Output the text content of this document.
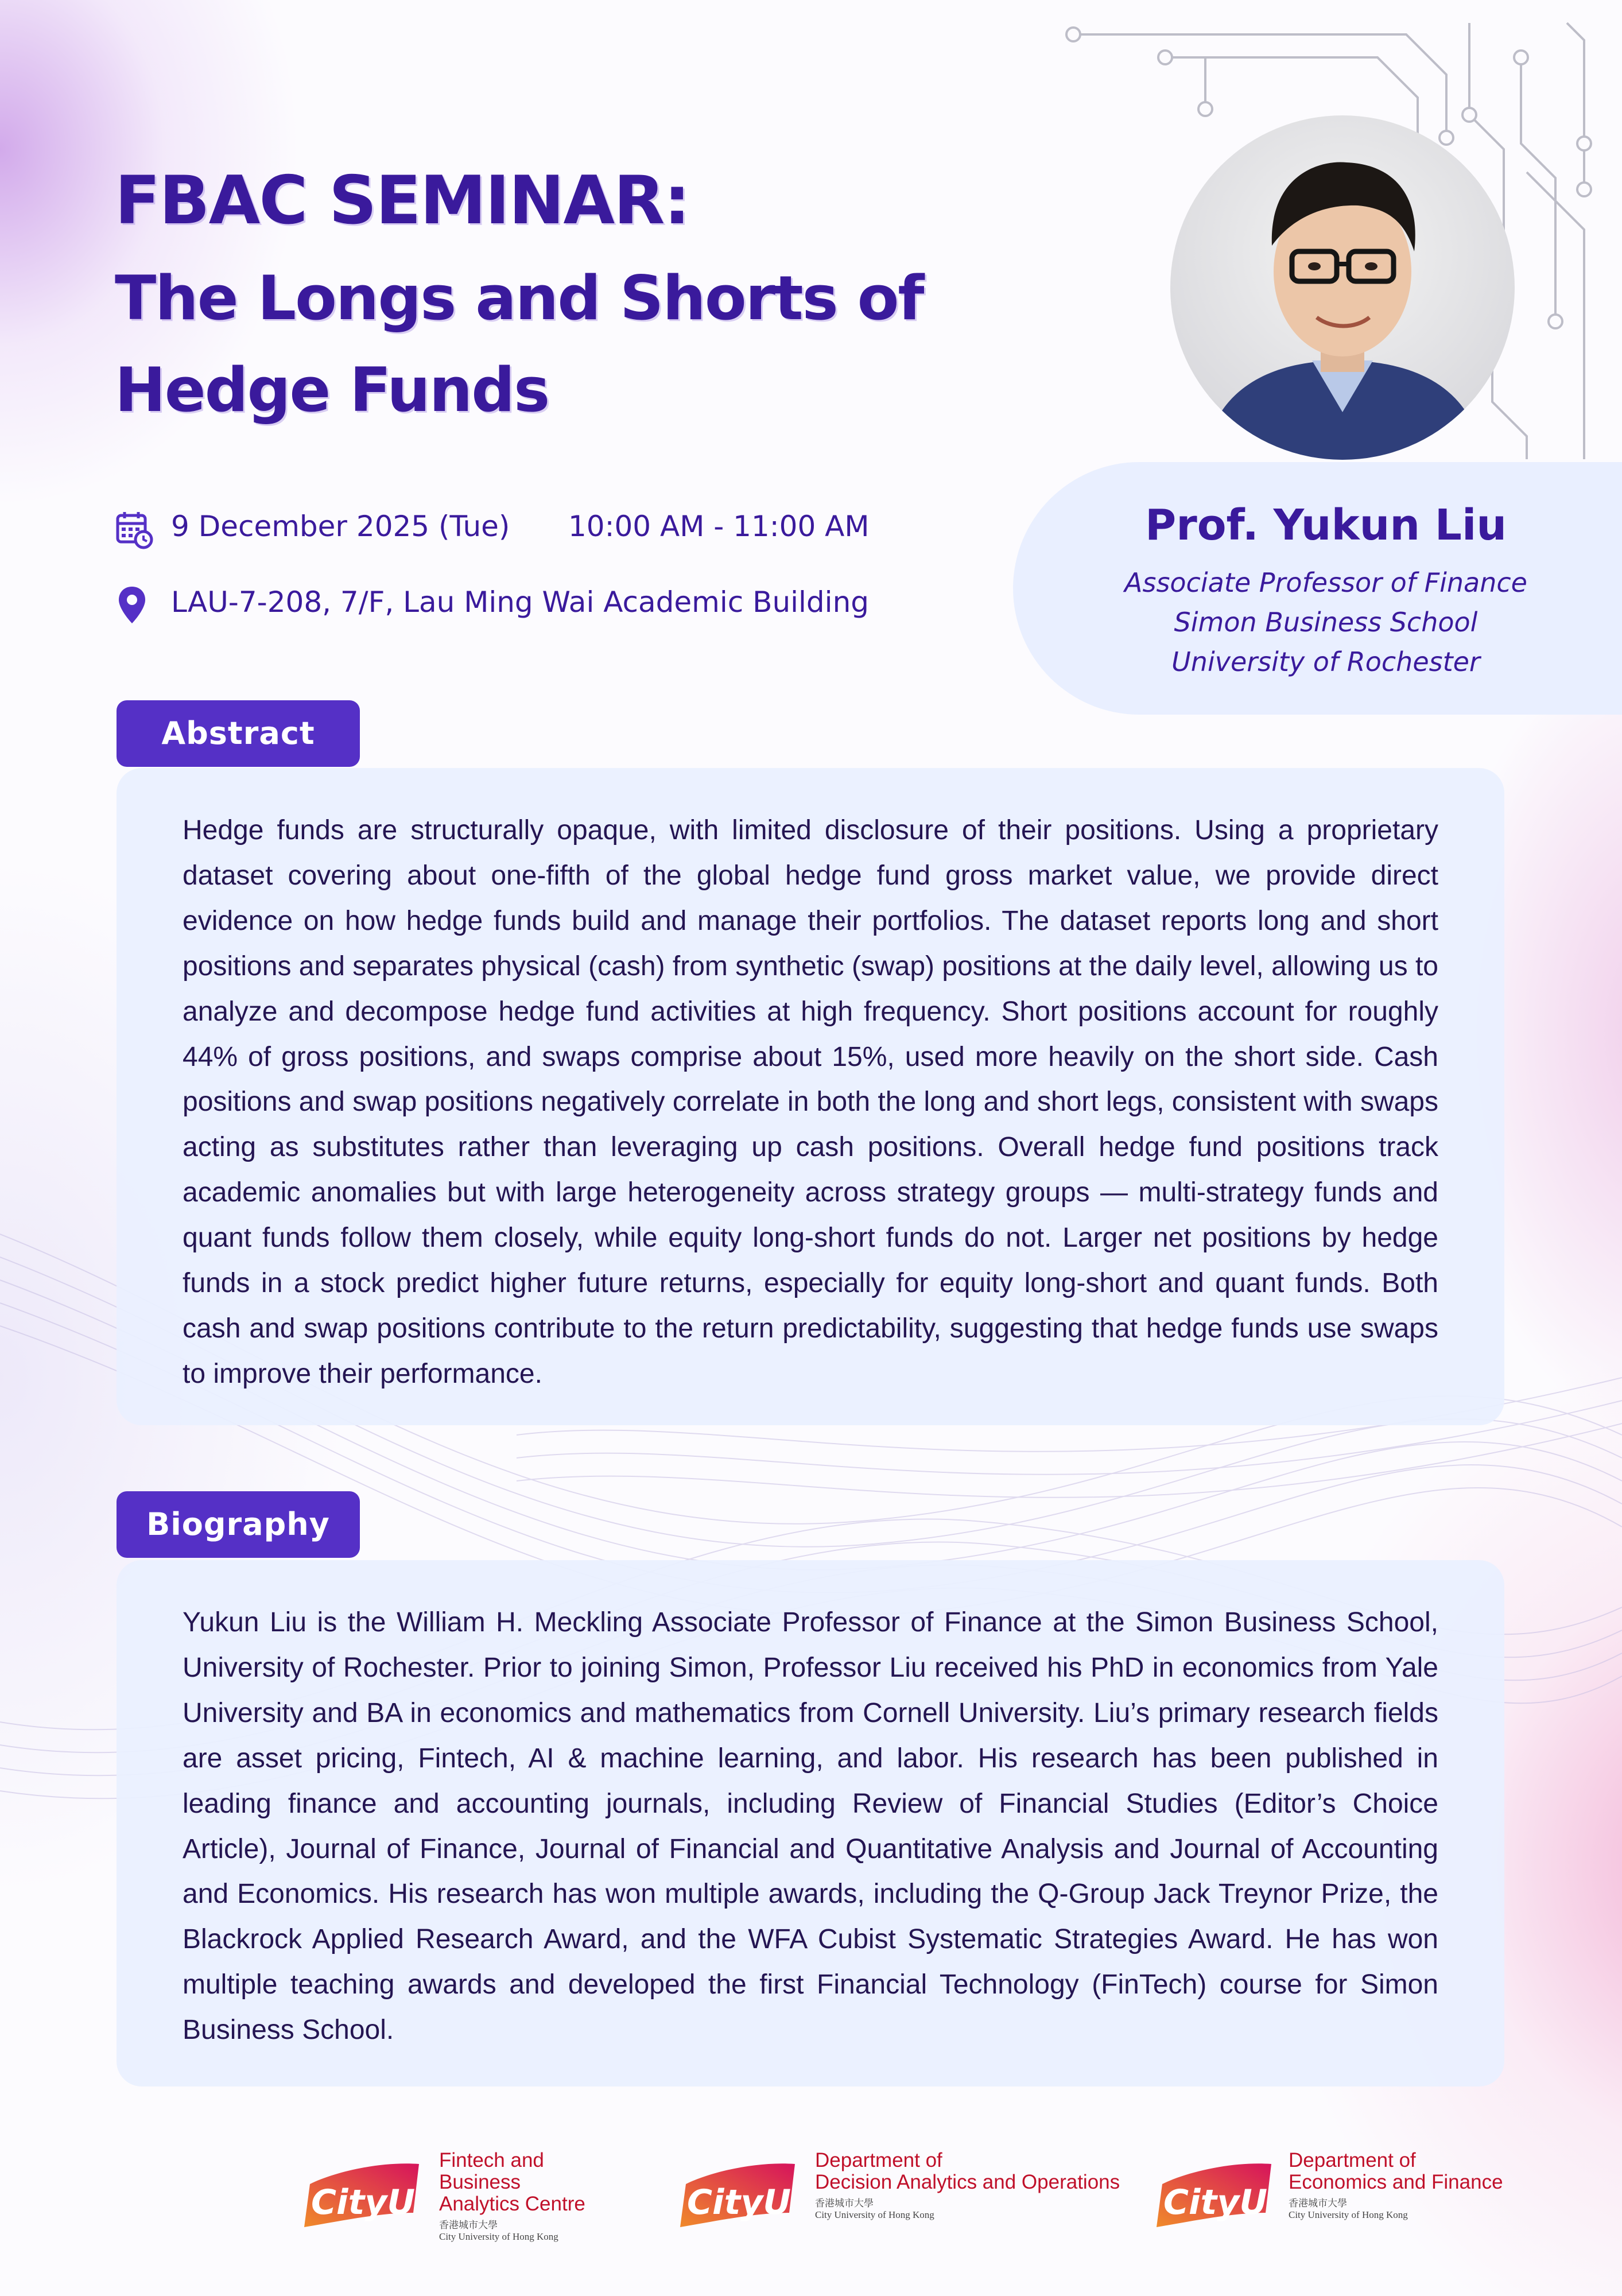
FBAC SEMINAR:
The Longs and Shorts of
Hedge Funds
9 December 2025 (Tue) 10:00 AM - 11:00 AM
LAU-7-208, 7/F, Lau Ming Wai Academic Building
Prof. Yukun Liu
Associate Professor of Finance
Simon Business School
University of Rochester

Hedge funds are structurally opaque, with limited disclosure of their positions. Using a proprietary dataset covering about one-fifth of the global hedge fund gross market value, we provide direct evidence on how hedge funds build and manage their portfolios. The dataset reports long and short positions and separates physical (cash) from synthetic (swap) positions at the daily level, allowing us to analyze and decompose hedge fund activities at high frequency. Short positions account for roughly 44% of gross positions, and swaps comprise about 15%, used more heavily on the short side. Cash positions and swap positions negatively correlate in both the long and short legs, consistent with swaps acting as substitutes rather than leveraging up cash positions. Overall hedge fund positions track academic anomalies but with large heterogeneity across strategy groups — multi-strategy funds and quant funds follow them closely, while equity long-short funds do not. Larger net positions by hedge funds in a stock predict higher future returns, especially for equity long-short and quant funds. Both cash and swap positions contribute to the return predictability, suggesting that hedge funds use swaps to improve their performance.

Abstract

Yukun Liu is the William H. Meckling Associate Professor of Finance at the Simon Business School, University of Rochester. Prior to joining Simon, Professor Liu received his PhD in economics from Yale University and BA in economics and mathematics from Cornell University. Liu’s primary research fields are asset pricing, Fintech, AI & machine learning, and labor. His research has been published in leading finance and accounting journals, including Review of Financial Studies (Editor’s Choice Article), Journal of Finance, Journal of Financial and Quantitative Analysis and Journal of Accounting and Economics. His research has won multiple awards, including the Q-Group Jack Treynor Prize, the Blackrock Applied Research Award, and the WFA Cubist Systematic Strategies Award. He has won multiple teaching awards and developed the first Financial Technology (FinTech) course for Simon Business School.

Biography
CityU
Fintech and Business
Analytics Centre
香港城市大學
City University of Hong Kong
CityU
Department of
Decision Analytics and Operations
香港城市大學
City University of Hong Kong	CityU
Department of
Economics and Finance
香港城市大學
City University of Hong Kong
